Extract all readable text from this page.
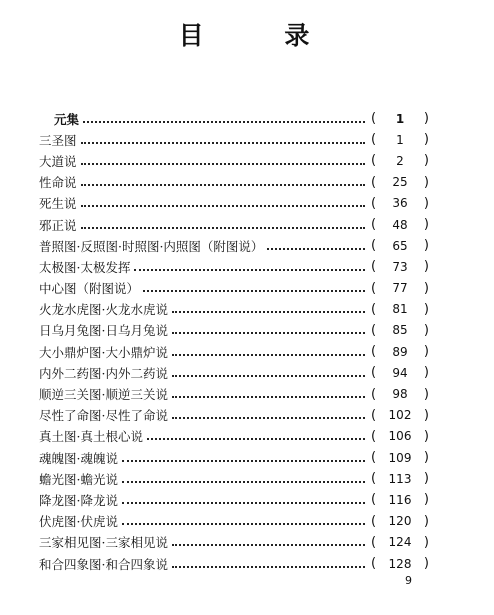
目 录
元集	(	1	)
三圣图	(	1	)
大道说	(	2	)
性命说	(	25	)
死生说	(	36	)
邪正说	(	48	)
普照图·反照图·时照图·内照图（附图说）	(	65	)
太极图·太极发挥	(	73	)
中心图（附图说）	(	77	)
火龙水虎图·火龙水虎说	(	81	)
日乌月兔图·日乌月兔说	(	85	)
大小鼎炉图·大小鼎炉说	(	89	)
内外二药图·内外二药说	(	94	)
顺逆三关图·顺逆三关说	(	98	)
尽性了命图·尽性了命说	(	102 )
真土图·真土根心说	(	106 )
魂魄图·魂魄说	(	109 )
蟾光图·蟾光说	(	113 )
降龙图·降龙说	(	116 )
伏虎图·伏虎说	(	120 )
三家相见图·三家相见说	(	124 )
和合四象图·和合四象说	(	128 )
9
